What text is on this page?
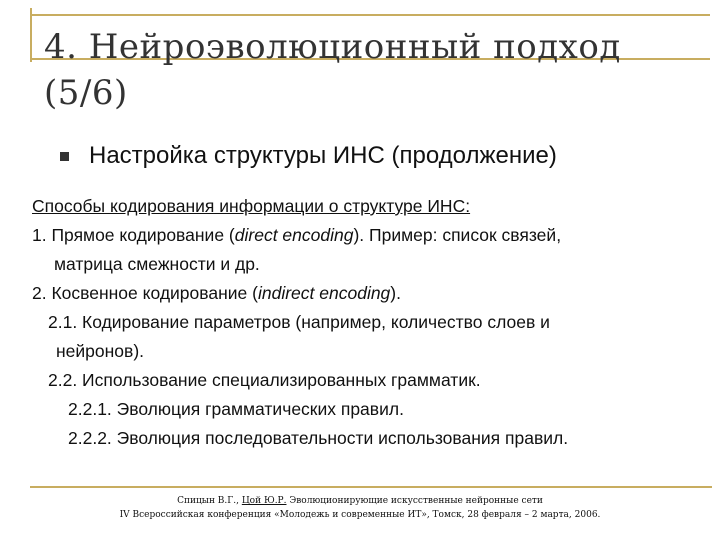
4. Нейроэволюционный подход (5/6)
Настройка структуры ИНС (продолжение)
Способы кодирования информации о структуре ИНС:
1. Прямое кодирование (direct encoding). Пример: список связей,
матрица смежности и др.
2. Косвенное кодирование (indirect encoding).
2.1. Кодирование параметров (например, количество слоев и
нейронов).
2.2. Использование специализированных грамматик.
2.2.1. Эволюция грамматических правил.
2.2.2. Эволюция последовательности использования правил.
Спицын В.Г., Цой Ю.Р. Эволюционирующие искусственные нейронные сети
IV Всероссийская конференция «Молодежь и современные ИТ», Томск, 28 февраля – 2 марта, 2006.
